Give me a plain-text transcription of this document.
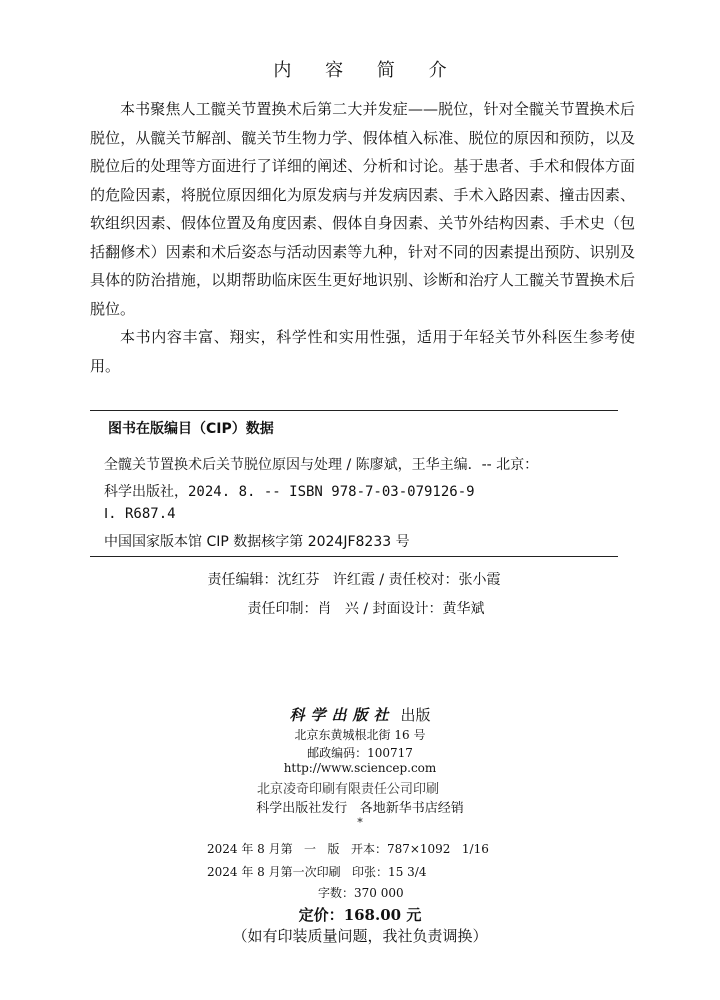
内 容 简 介

本书聚焦人工髋关节置换术后第二大并发症——脱位，针对全髋关节置换术后脱位，从髋关节解剖、髋关节生物力学、假体植入标准、脱位的原因和预防，以及脱位后的处理等方面进行了详细的阐述、分析和讨论。基于患者、手术和假体方面的危险因素，将脱位原因细化为原发病与并发病因素、手术入路因素、撞击因素、软组织因素、假体位置及角度因素、假体自身因素、关节外结构因素、手术史（包括翻修术）因素和术后姿态与活动因素等九种，针对不同的因素提出预防、识别及具体的防治措施，以期帮助临床医生更好地识别、诊断和治疗人工髋关节置换术后脱位。

本书内容丰富、翔实，科学性和实用性强，适用于年轻关节外科医生参考使用。

图书在版编目（CIP）数据
全髋关节置换术后关节脱位原因与处理 / 陈廖斌，王华主编．-- 北京：
科学出版社，2024. 8. -- ISBN 978-7-03-079126-9
Ⅰ. R687.4
中国国家版本馆 CIP 数据核字第 2024JF8233 号
责任编辑：沈红芬   许红霞 / 责任校对：张小霞
责任印制：肖   兴 / 封面设计：黄华斌
科学出版社 出版
北京东黄城根北街 16 号
邮政编码：100717
http://www.sciencep.com
北京凌奇印刷有限责任公司印刷
科学出版社发行   各地新华书店经销
*
2024 年 8 月第   一   版   开本：787×1092   1/16
2024 年 8 月第一次印刷   印张：15 3/4
字数：370 000
定价：168.00 元
（如有印装质量问题，我社负责调换）
